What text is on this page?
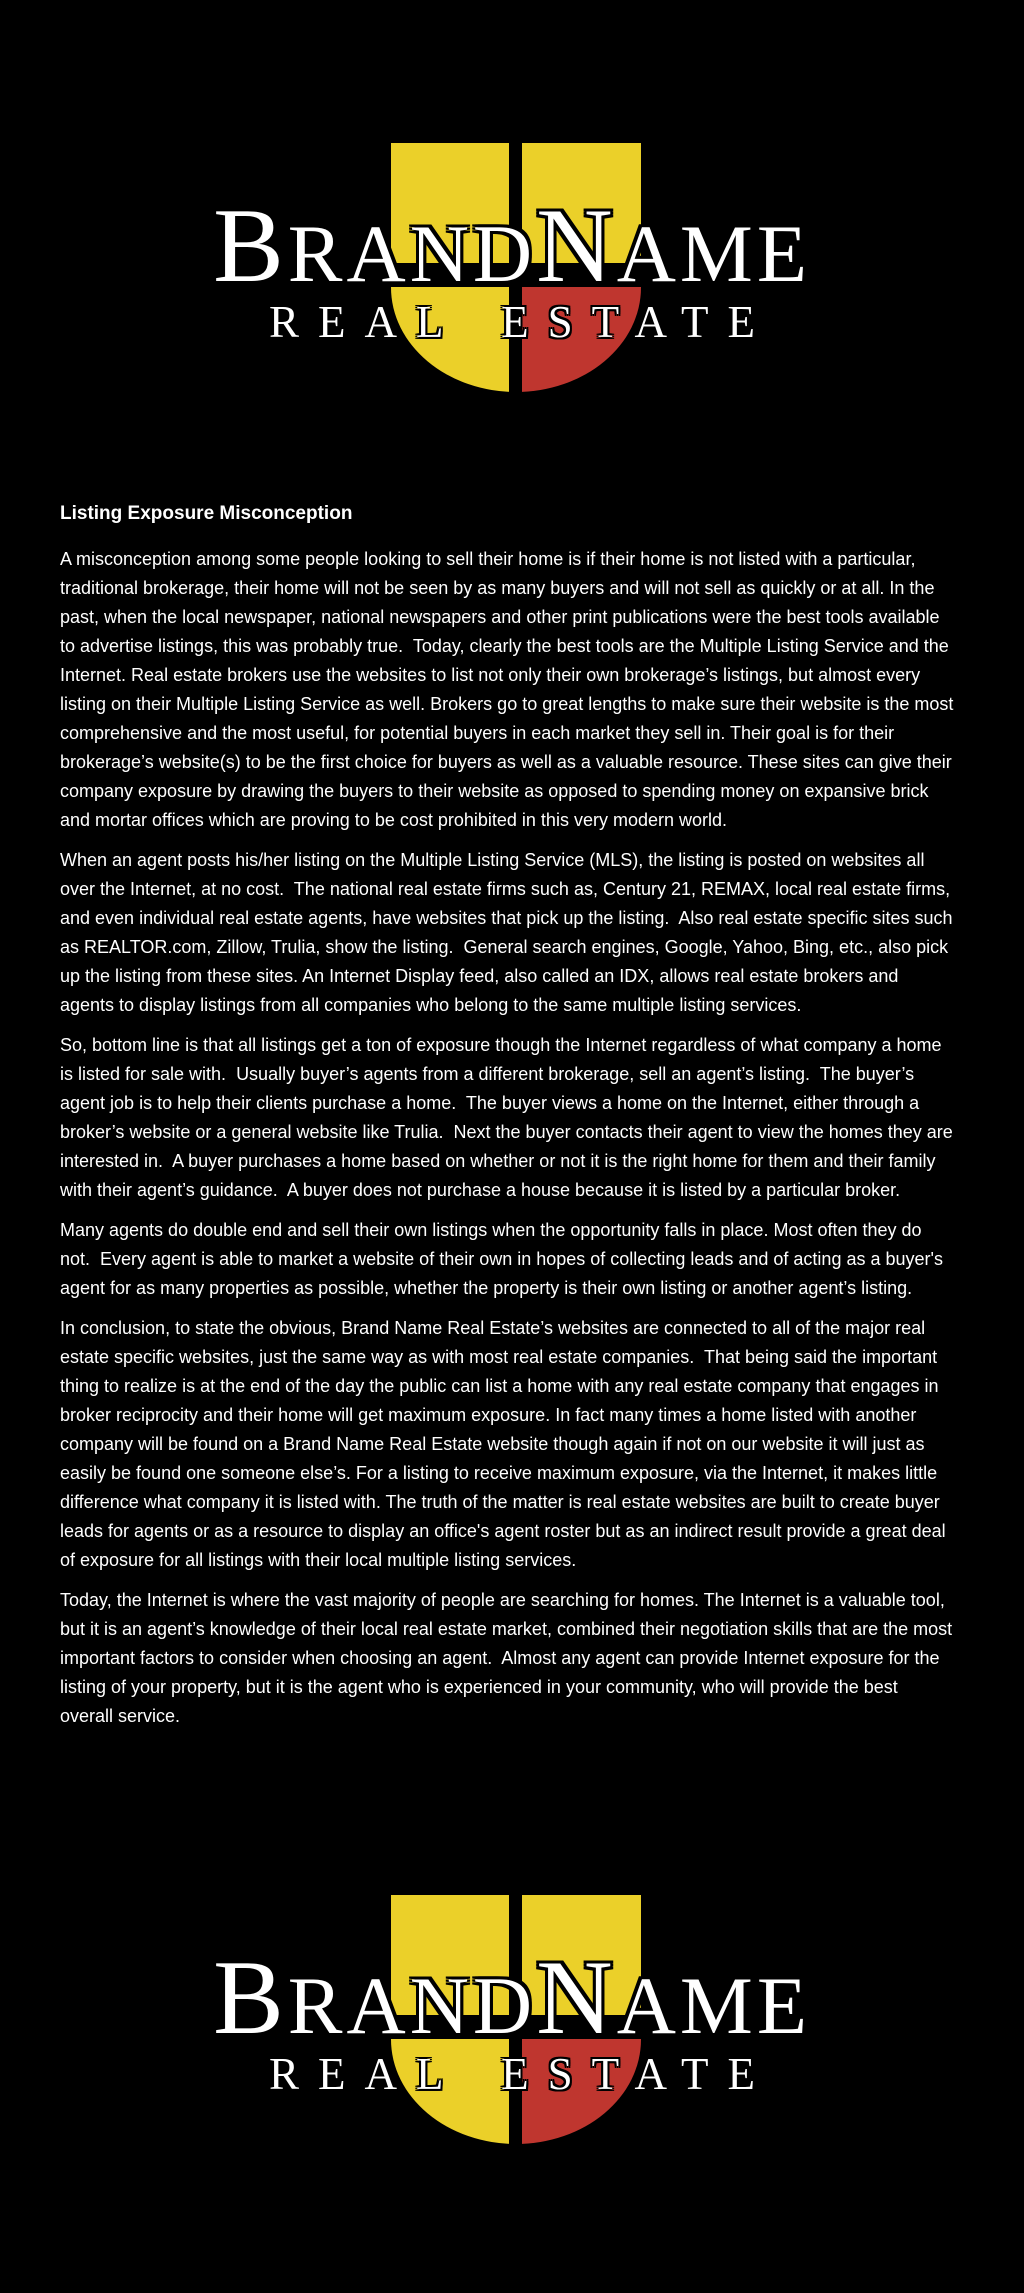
BRANDNAME
REAL ESTATE
Listing Exposure Misconception

A misconception among some people looking to sell their home is if their home is not listed with a particular, traditional brokerage, their home will not be seen by as many buyers and will not sell as quickly or at all. In the past, when the local newspaper, national newspapers and other print publications were the best tools available to advertise listings, this was probably true.  Today, clearly the best tools are the Multiple Listing Service and the Internet. Real estate brokers use the websites to list not only their own brokerage’s listings, but almost every listing on their Multiple Listing Service as well. Brokers go to great lengths to make sure their website is the most comprehensive and the most useful, for potential buyers in each market they sell in. Their goal is for their brokerage’s website(s) to be the first choice for buyers as well as a valuable resource. These sites can give their company exposure by drawing the buyers to their website as opposed to spending money on expansive brick and mortar offices which are proving to be cost prohibited in this very modern world.

When an agent posts his/her listing on the Multiple Listing Service (MLS), the listing is posted on websites all over the Internet, at no cost.  The national real estate firms such as, Century 21, REMAX, local real estate firms, and even individual real estate agents, have websites that pick up the listing.  Also real estate specific sites such as REALTOR.com, Zillow, Trulia, show the listing.  General search engines, Google, Yahoo, Bing, etc., also pick up the listing from these sites. An Internet Display feed, also called an IDX, allows real estate brokers and agents to display listings from all companies who belong to the same multiple listing services.

So, bottom line is that all listings get a ton of exposure though the Internet regardless of what company a home is listed for sale with.  Usually buyer’s agents from a different brokerage, sell an agent’s listing.  The buyer’s agent job is to help their clients purchase a home.  The buyer views a home on the Internet, either through a broker’s website or a general website like Trulia.  Next the buyer contacts their agent to view the homes they are interested in.  A buyer purchases a home based on whether or not it is the right home for them and their family with their agent’s guidance.  A buyer does not purchase a house because it is listed by a particular broker.

Many agents do double end and sell their own listings when the opportunity falls in place. Most often they do not.  Every agent is able to market a website of their own in hopes of collecting leads and of acting as a buyer's agent for as many properties as possible, whether the property is their own listing or another agent’s listing.

In conclusion, to state the obvious, Brand Name Real Estate’s websites are connected to all of the major real estate specific websites, just the same way as with most real estate companies.  That being said the important thing to realize is at the end of the day the public can list a home with any real estate company that engages in broker reciprocity and their home will get maximum exposure. In fact many times a home listed with another company will be found on a Brand Name Real Estate website though again if not on our website it will just as easily be found one someone else’s. For a listing to receive maximum exposure, via the Internet, it makes little difference what company it is listed with. The truth of the matter is real estate websites are built to create buyer leads for agents or as a resource to display an office's agent roster but as an indirect result provide a great deal of exposure for all listings with their local multiple listing services.

Today, the Internet is where the vast majority of people are searching for homes. The Internet is a valuable tool, but it is an agent’s knowledge of their local real estate market, combined their negotiation skills that are the most important factors to consider when choosing an agent.  Almost any agent can provide Internet exposure for the listing of your property, but it is the agent who is experienced in your community, who will provide the best overall service.

BRANDNAME
REAL ESTATE
